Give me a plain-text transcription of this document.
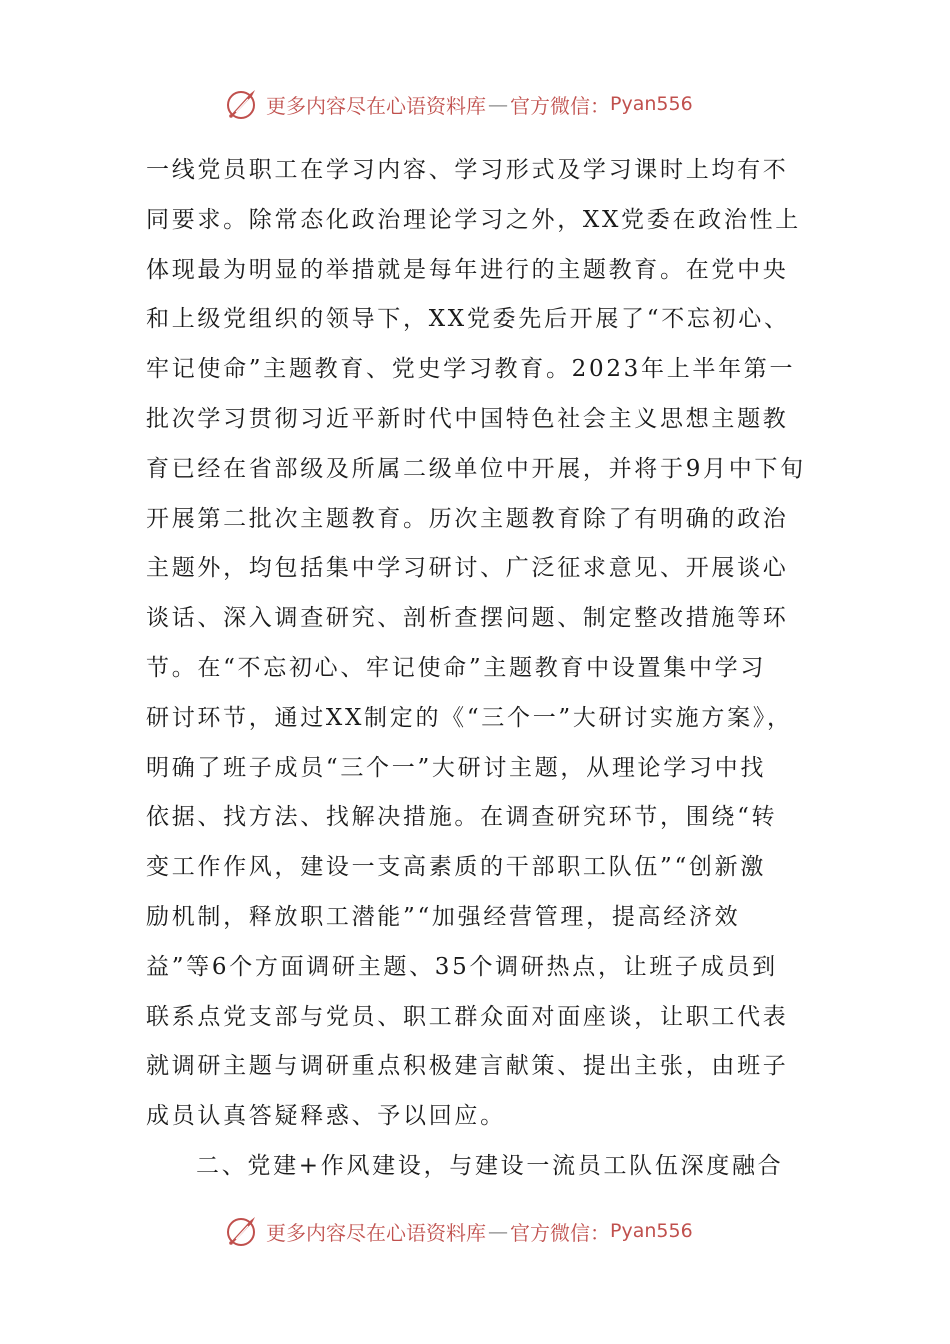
更多内容尽在心语资料库 — 官方微信： Pyan556
一线党员职工在学习内容、学习形式及学习课时上均有不
同要求。除常态化政治理论学习之外，XX党委在政治性上
体现最为明显的举措就是每年进行的主题教育。在党中央
和上级党组织的领导下，XX党委先后开展了“不忘初心、
牢记使命”主题教育、党史学习教育。2023年上半年第一
批次学习贯彻习近平新时代中国特色社会主义思想主题教
育已经在省部级及所属二级单位中开展，并将于9月中下旬
开展第二批次主题教育。历次主题教育除了有明确的政治
主题外，均包括集中学习研讨、广泛征求意见、开展谈心
谈话、深入调查研究、剖析查摆问题、制定整改措施等环
节。在“不忘初心、牢记使命”主题教育中设置集中学习
研讨环节，通过XX制定的《“三个一”大研讨实施方案》，
明确了班子成员“三个一”大研讨主题，从理论学习中找
依据、找方法、找解决措施。在调查研究环节，围绕“转
变工作作风，建设一支高素质的干部职工队伍”“创新激
励机制，释放职工潜能”“加强经营管理，提高经济效
益”等6个方面调研主题、35个调研热点，让班子成员到
联系点党支部与党员、职工群众面对面座谈，让职工代表
就调研主题与调研重点积极建言献策、提出主张，由班子
成员认真答疑释惑、予以回应。
二、党建+作风建设，与建设一流员工队伍深度融合
更多内容尽在心语资料库 — 官方微信： Pyan556
